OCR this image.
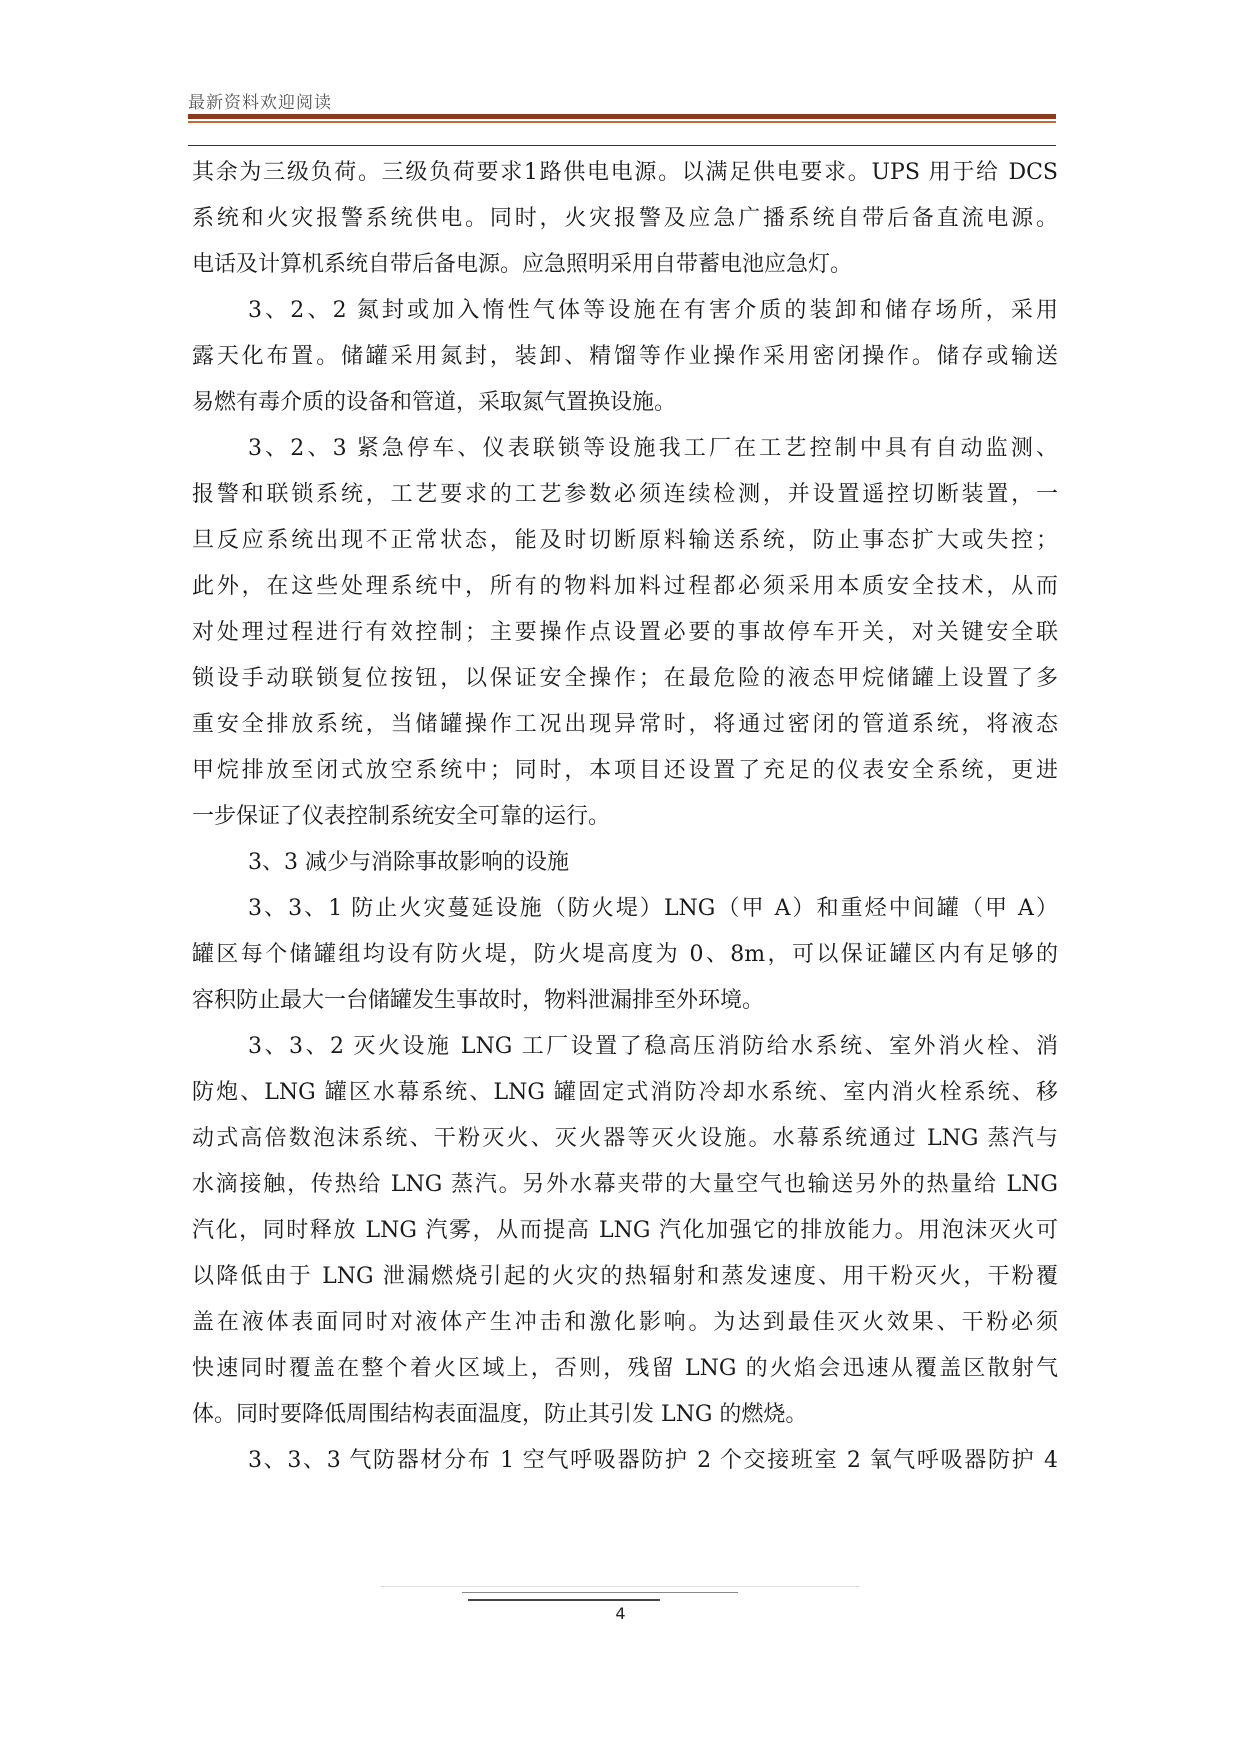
最新资料欢迎阅读
其余为三级负荷。三级负荷要求1路供电电源。以满足供电要求。UPS 用于给 DCS
系统和火灾报警系统供电。同时，火灾报警及应急广播系统自带后备直流电源。
电话及计算机系统自带后备电源。应急照明采用自带蓄电池应急灯。
3、2、2 氮封或加入惰性气体等设施在有害介质的装卸和储存场所，采用
露天化布置。储罐采用氮封，装卸、精馏等作业操作采用密闭操作。储存或输送
易燃有毒介质的设备和管道，采取氮气置换设施。
3、2、3 紧急停车、仪表联锁等设施我工厂在工艺控制中具有自动监测、
报警和联锁系统，工艺要求的工艺参数必须连续检测，并设置遥控切断装置，一
旦反应系统出现不正常状态，能及时切断原料输送系统，防止事态扩大或失控；
此外，在这些处理系统中，所有的物料加料过程都必须采用本质安全技术，从而
对处理过程进行有效控制；主要操作点设置必要的事故停车开关，对关键安全联
锁设手动联锁复位按钮，以保证安全操作；在最危险的液态甲烷储罐上设置了多
重安全排放系统，当储罐操作工况出现异常时，将通过密闭的管道系统，将液态
甲烷排放至闭式放空系统中；同时，本项目还设置了充足的仪表安全系统，更进
一步保证了仪表控制系统安全可靠的运行。
3、3 减少与消除事故影响的设施
3、3、1 防止火灾蔓延设施（防火堤）LNG（甲 A）和重烃中间罐（甲 A）
罐区每个储罐组均设有防火堤，防火堤高度为 0、8m，可以保证罐区内有足够的
容积防止最大一台储罐发生事故时，物料泄漏排至外环境。
3、3、2 灭火设施 LNG 工厂设置了稳高压消防给水系统、室外消火栓、消
防炮、LNG 罐区水幕系统、LNG 罐固定式消防冷却水系统、室内消火栓系统、移
动式高倍数泡沫系统、干粉灭火、灭火器等灭火设施。水幕系统通过 LNG 蒸汽与
水滴接触，传热给 LNG 蒸汽。另外水幕夹带的大量空气也输送另外的热量给 LNG
汽化，同时释放 LNG 汽雾，从而提高 LNG 汽化加强它的排放能力。用泡沫灭火可
以降低由于 LNG 泄漏燃烧引起的火灾的热辐射和蒸发速度、用干粉灭火，干粉覆
盖在液体表面同时对液体产生冲击和激化影响。为达到最佳灭火效果、干粉必须
快速同时覆盖在整个着火区域上，否则，残留 LNG 的火焰会迅速从覆盖区散射气
体。同时要降低周围结构表面温度，防止其引发 LNG 的燃烧。
3、3、3 气防器材分布 1 空气呼吸器防护 2 个交接班室 2 氧气呼吸器防护 4
4
